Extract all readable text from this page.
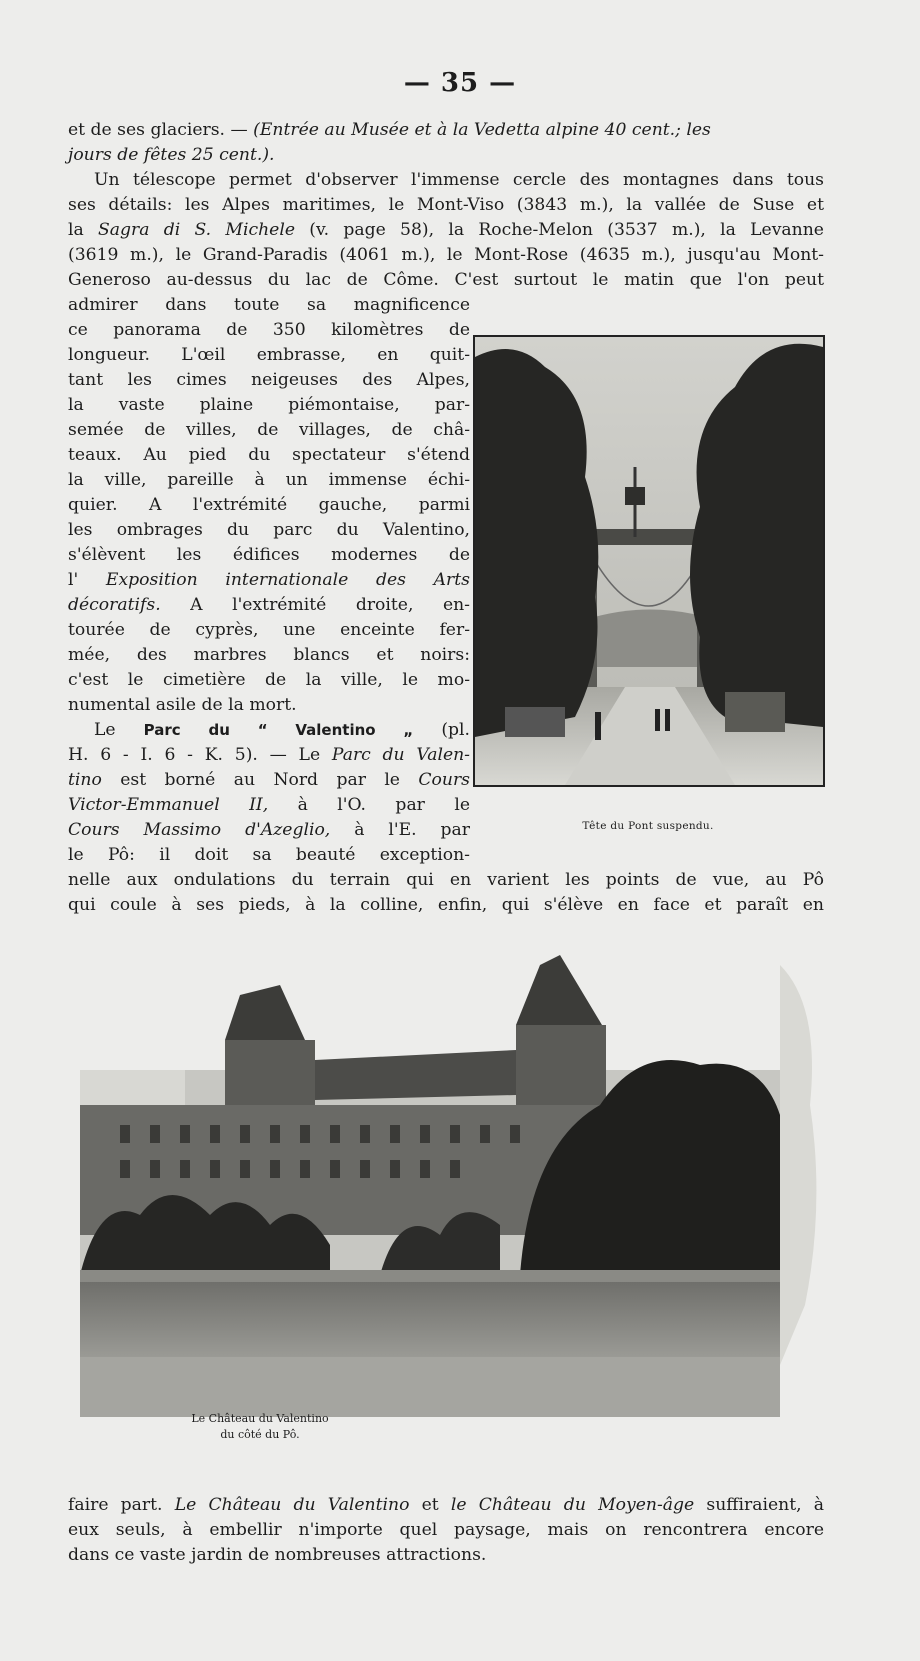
— 35 —
et de ses glaciers. — (Entrée au Musée et à la Vedetta alpine 40 cent.; les
jours de fêtes 25 cent.).
Un télescope permet d'observer l'immense cercle des montagnes dans tous
ses détails: les Alpes maritimes, le Mont-Viso (3843 m.), la vallée de Suse et
la Sagra di S. Michele (v. page 58), la Roche-Melon (3537 m.), la Levanne
(3619 m.), le Grand-Paradis (4061 m.), le Mont-Rose (4635 m.), jusqu'au Mont-
Generoso au-dessus du lac de Côme. C'est surtout le matin que l'on peut
admirer dans toute sa magnificence
ce panorama de 350 kilomètres de
longueur. L'œil embrasse, en quit-
tant les cimes neigeuses des Alpes,
la vaste plaine piémontaise, par-
semée de villes, de villages, de châ-
teaux. Au pied du spectateur s'étend
la ville, pareille à un immense échi-
quier. A l'extrémité gauche, parmi
les ombrages du parc du Valentino,
s'élèvent les édifices modernes de
l' Exposition internationale des Arts
décoratifs. A l'extrémité droite, en-
tourée de cyprès, une enceinte fer-
mée, des marbres blancs et noirs:
c'est le cimetière de la ville, le mo-
numental asile de la mort.
Le Parc du “ Valentino „ (pl.
H. 6 - I. 6 - K. 5). — Le Parc du Valen-
tino est borné au Nord par le Cours
Victor-Emmanuel II, à l'O. par le
Cours Massimo d'Azeglio, à l'E. par
le Pô: il doit sa beauté exception-
nelle aux ondulations du terrain qui en varient les points de vue, au Pô
qui coule à ses pieds, à la colline, enfin, qui s'élève en face et paraît en
Tête du Pont suspendu.
Le Château du Valentino
du côté du Pô.
faire part. Le Château du Valentino et le Château du Moyen-âge suffiraient, à
eux seuls, à embellir n'importe quel paysage, mais on rencontrera encore
dans ce vaste jardin de nombreuses attractions.
